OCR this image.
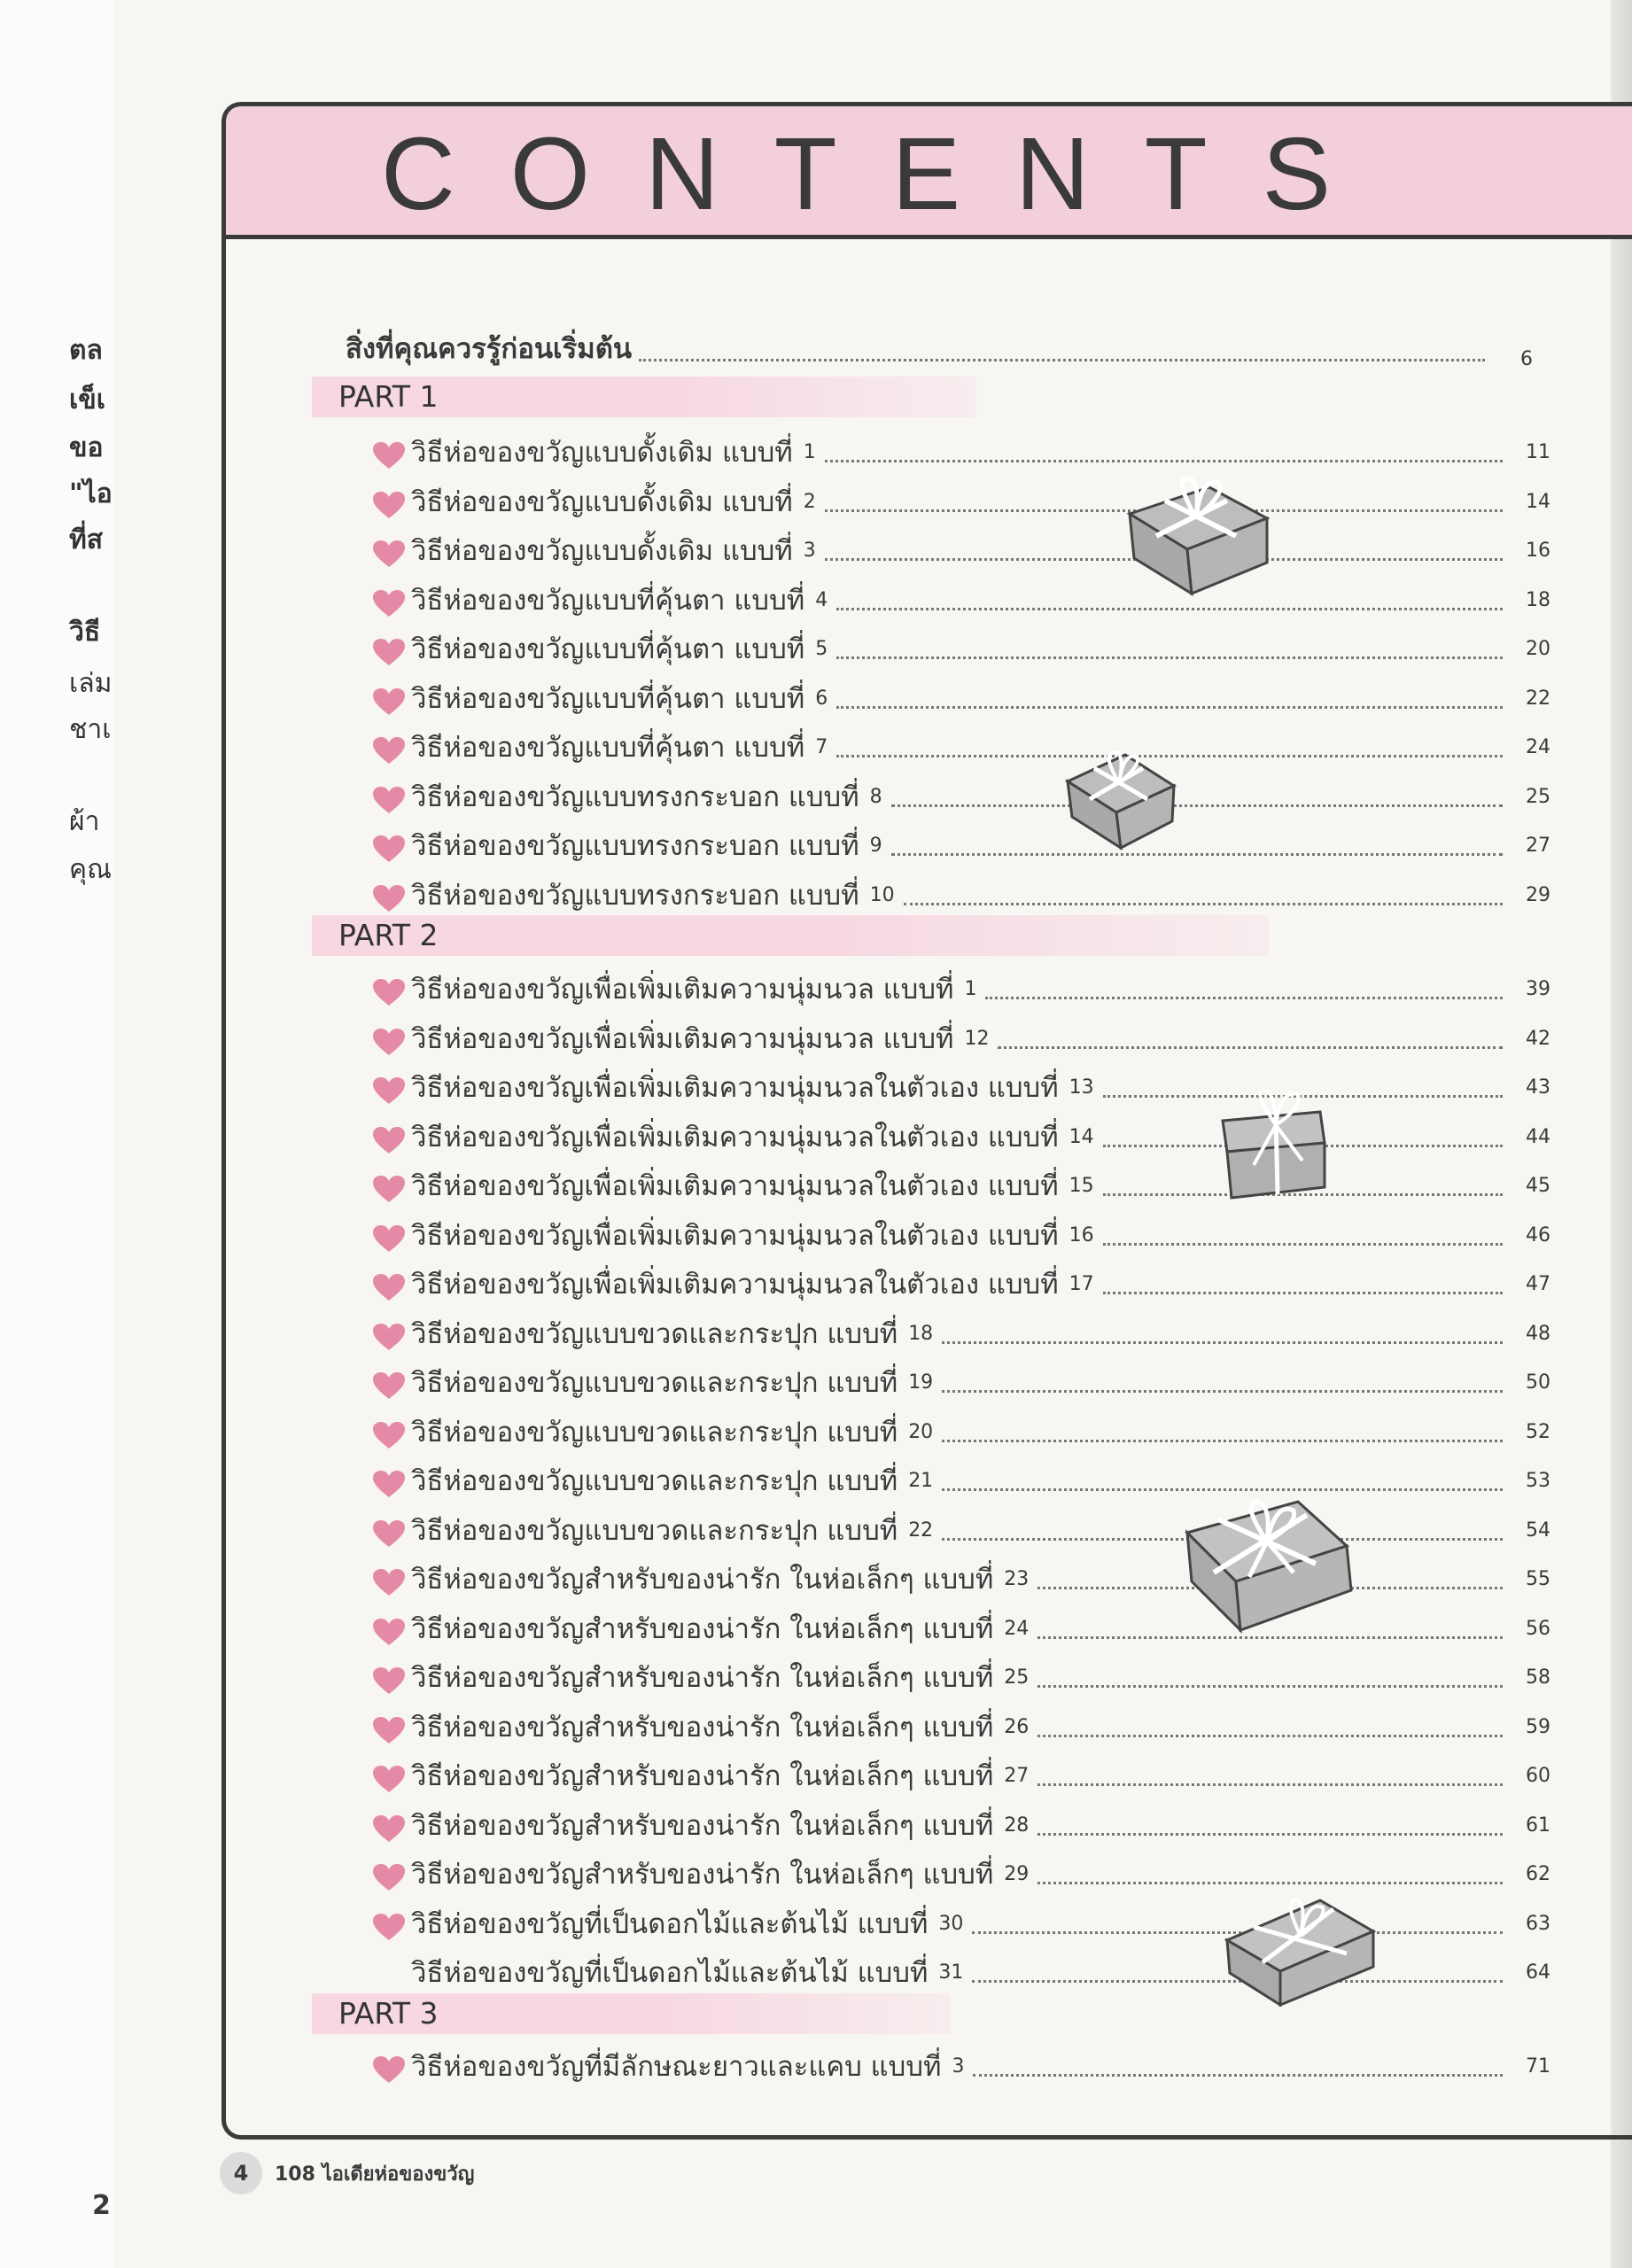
ตล
เข็เ
ขอ
"ไอ
ที่ส
วิธี
เล่ม
ชาเ
ผ้า
คุณ
CONTENTS
สิ่งที่คุณควรรู้ก่อนเริ่มต้น	6
PART 1
PART 2
PART 3
วิธีห่อของขวัญแบบดั้งเดิม แบบที่ 1	11
วิธีห่อของขวัญแบบดั้งเดิม แบบที่ 2	14
วิธีห่อของขวัญแบบดั้งเดิม แบบที่ 3	16
วิธีห่อของขวัญแบบที่คุ้นตา แบบที่ 4	18
วิธีห่อของขวัญแบบที่คุ้นตา แบบที่ 5	20
วิธีห่อของขวัญแบบที่คุ้นตา แบบที่ 6	22
วิธีห่อของขวัญแบบที่คุ้นตา แบบที่ 7	24
วิธีห่อของขวัญแบบทรงกระบอก แบบที่ 8	25
วิธีห่อของขวัญแบบทรงกระบอก แบบที่ 9	27
วิธีห่อของขวัญแบบทรงกระบอก แบบที่ 10	29
วิธีห่อของขวัญเพื่อเพิ่มเติมความนุ่มนวล แบบที่ 1	39
วิธีห่อของขวัญเพื่อเพิ่มเติมความนุ่มนวล แบบที่ 12	42
วิธีห่อของขวัญเพื่อเพิ่มเติมความนุ่มนวลในตัวเอง แบบที่ 13	43
วิธีห่อของขวัญเพื่อเพิ่มเติมความนุ่มนวลในตัวเอง แบบที่ 14	44
วิธีห่อของขวัญเพื่อเพิ่มเติมความนุ่มนวลในตัวเอง แบบที่ 15	45
วิธีห่อของขวัญเพื่อเพิ่มเติมความนุ่มนวลในตัวเอง แบบที่ 16	46
วิธีห่อของขวัญเพื่อเพิ่มเติมความนุ่มนวลในตัวเอง แบบที่ 17	47
วิธีห่อของขวัญแบบขวดและกระปุก แบบที่ 18	48
วิธีห่อของขวัญแบบขวดและกระปุก แบบที่ 19	50
วิธีห่อของขวัญแบบขวดและกระปุก แบบที่ 20	52
วิธีห่อของขวัญแบบขวดและกระปุก แบบที่ 21	53
วิธีห่อของขวัญแบบขวดและกระปุก แบบที่ 22	54
วิธีห่อของขวัญสำหรับของน่ารัก ในห่อเล็กๆ แบบที่ 23	55
วิธีห่อของขวัญสำหรับของน่ารัก ในห่อเล็กๆ แบบที่ 24	56
วิธีห่อของขวัญสำหรับของน่ารัก ในห่อเล็กๆ แบบที่ 25	58
วิธีห่อของขวัญสำหรับของน่ารัก ในห่อเล็กๆ แบบที่ 26	59
วิธีห่อของขวัญสำหรับของน่ารัก ในห่อเล็กๆ แบบที่ 27	60
วิธีห่อของขวัญสำหรับของน่ารัก ในห่อเล็กๆ แบบที่ 28	61
วิธีห่อของขวัญสำหรับของน่ารัก ในห่อเล็กๆ แบบที่ 29	62
วิธีห่อของขวัญที่เป็นดอกไม้และต้นไม้ แบบที่ 30	63
วิธีห่อของขวัญที่เป็นดอกไม้และต้นไม้ แบบที่ 31	64
วิธีห่อของขวัญที่มีลักษณะยาวและแคบ แบบที่ 3	71
4	108 ไอเดียห่อของขวัญ
2
